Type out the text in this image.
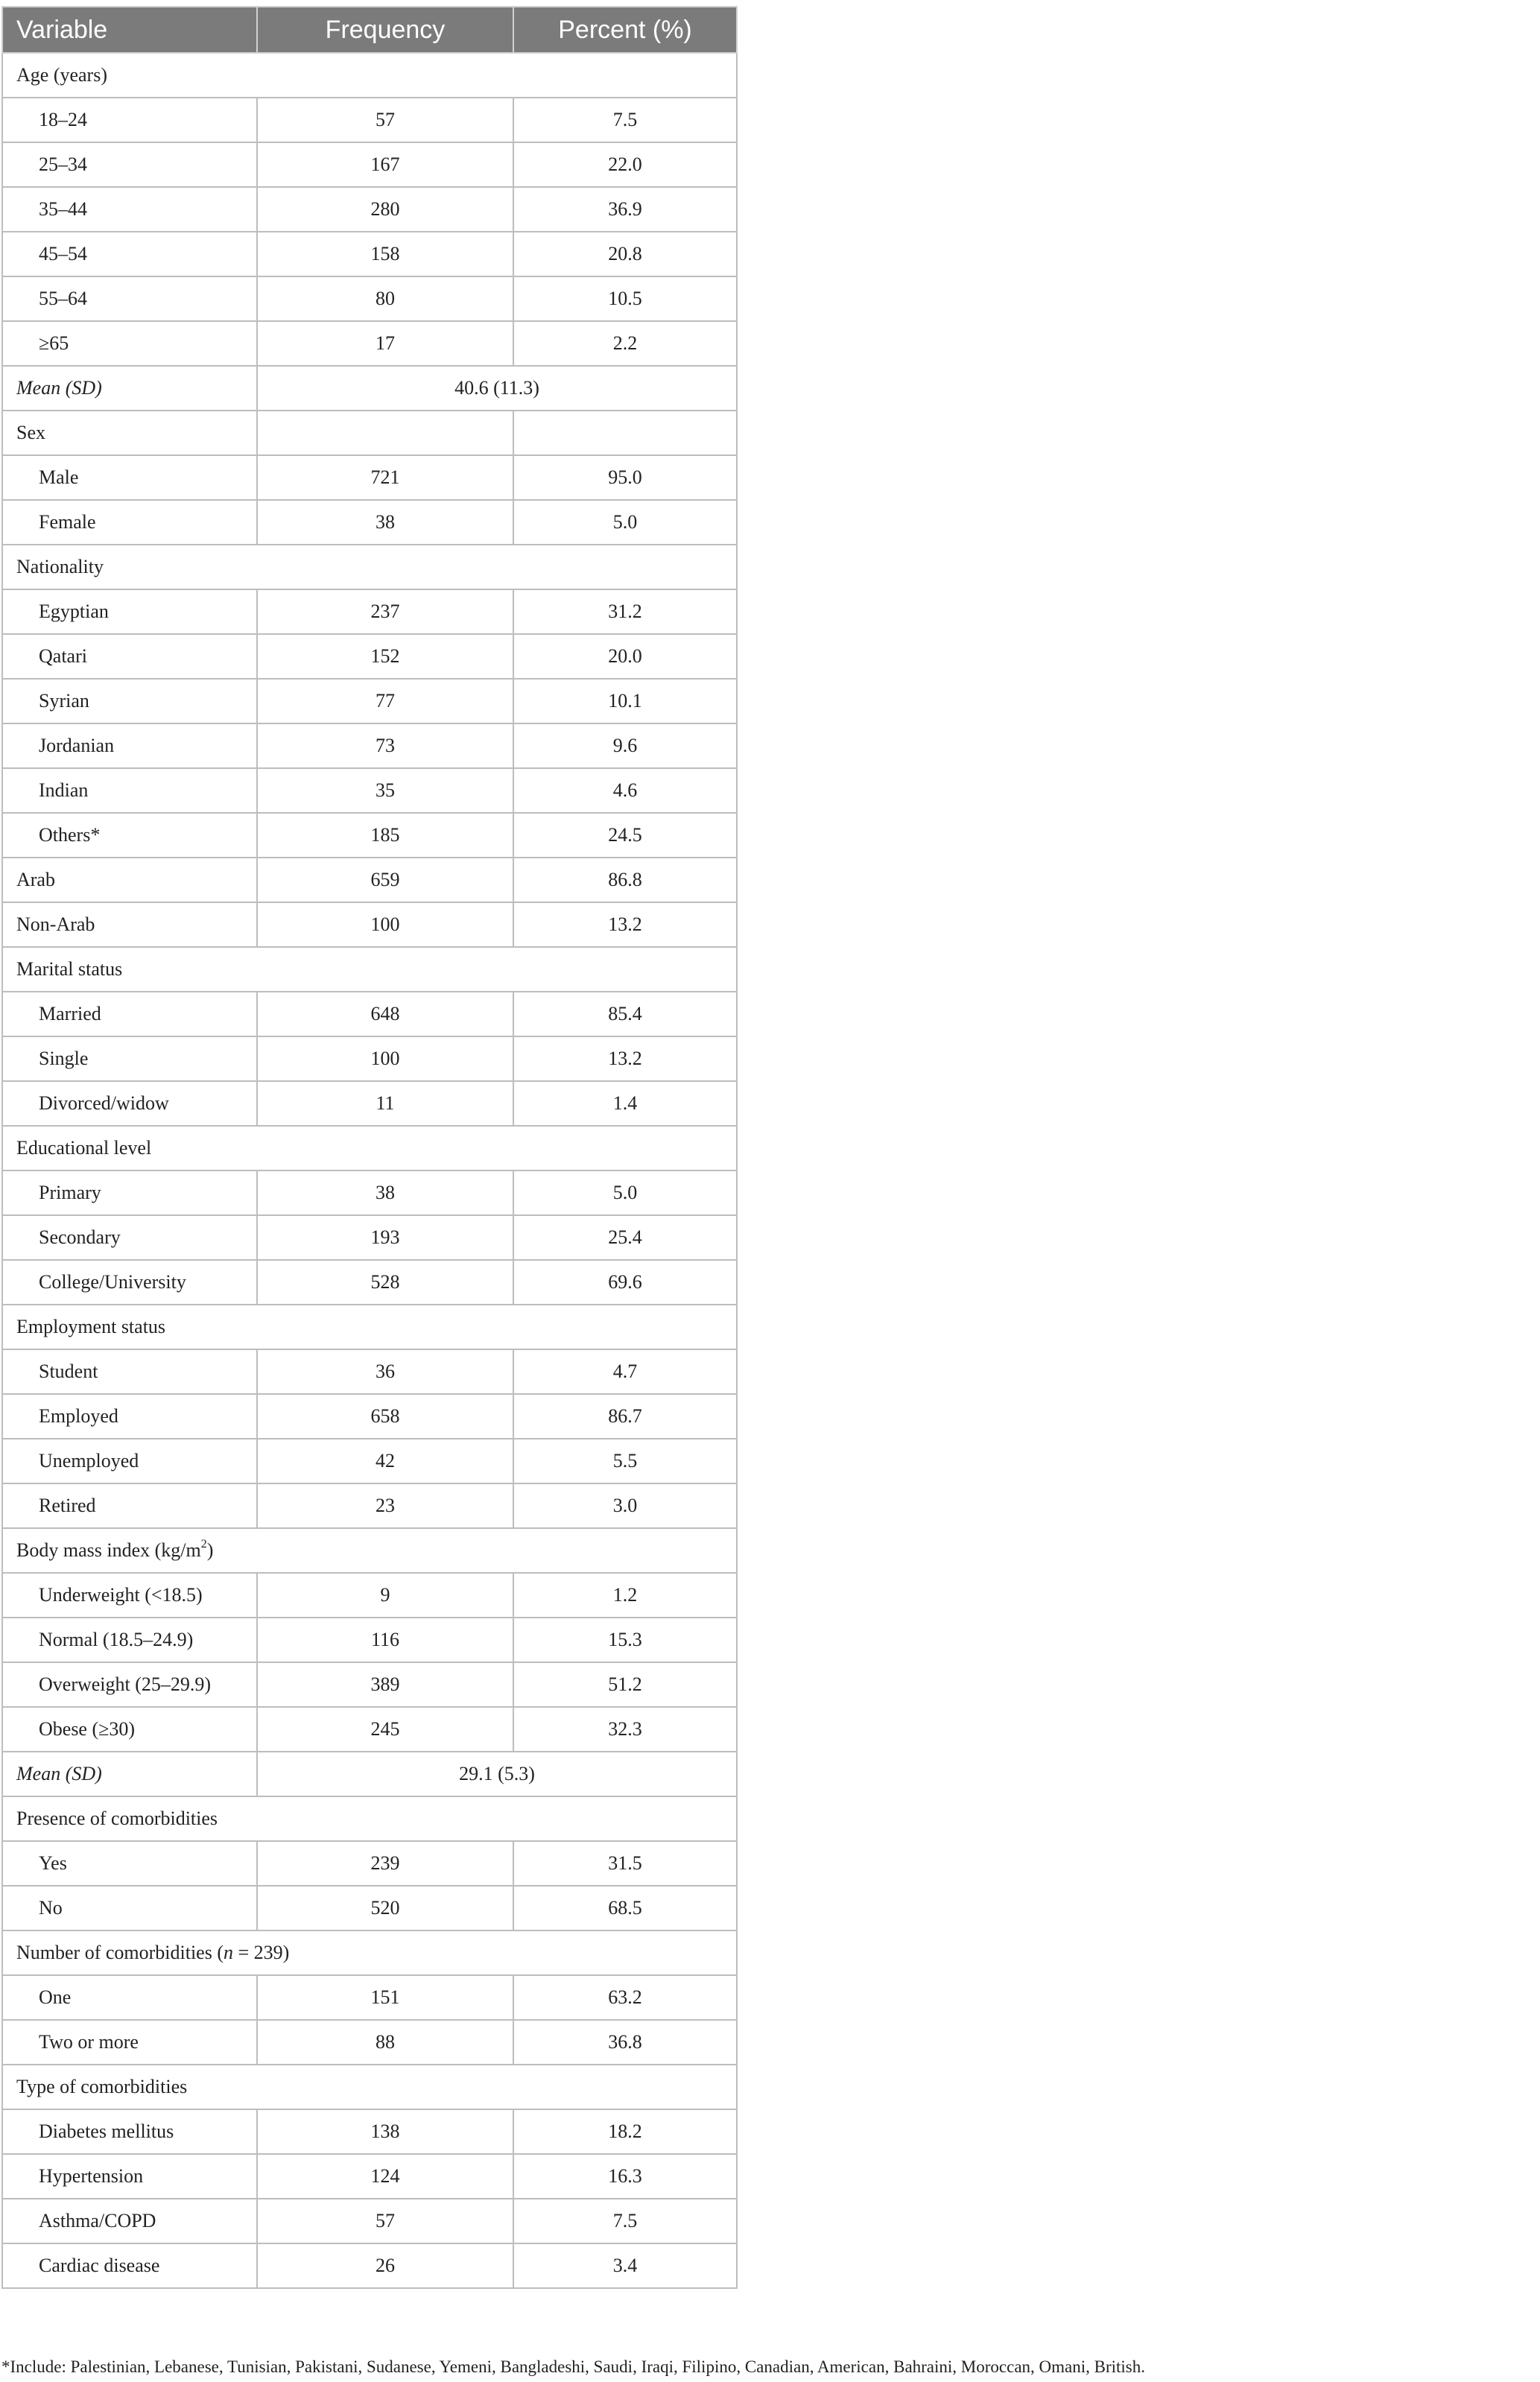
Variable	Frequency	Percent (%)
Age (years)		
18–24	57	7.5
25–34	167	22.0
35–44	280	36.9
45–54	158	20.8
55–64	80	10.5
≥65	17	2.2
Mean (SD)	40.6 (11.3)	
Sex		
Male	721	95.0
Female	38	5.0
Nationality		
Egyptian	237	31.2
Qatari	152	20.0
Syrian	77	10.1
Jordanian	73	9.6
Indian	35	4.6
Others*	185	24.5
Arab	659	86.8
Non-Arab	100	13.2
Marital status		
Married	648	85.4
Single	100	13.2
Divorced/widow	11	1.4
Educational level		
Primary	38	5.0
Secondary	193	25.4
College/University	528	69.6
Employment status		
Student	36	4.7
Employed	658	86.7
Unemployed	42	5.5
Retired	23	3.0
Body mass index $(kg/m^2)$		
Underweight (<18.5)	9	1.2
Normal (18.5–24.9)	116	15.3
Overweight (25–29.9)	389	51.2
Obese (≥30)	245	32.3
Mean (SD)	29.1 (5.3)	
Presence of comorbidities		
Yes	239	31.5
No	520	68.5
Number of comorbidities (n = 239)		
One	151	63.2
Two or more	88	36.8
Type of comorbidities		
Diabetes mellitus	138	18.2
Hypertension	124	16.3
Asthma/COPD	57	7.5
Cardiac disease	26	3.4
*Include: Palestinian, Lebanese, Tunisian, Pakistani, Sudanese, Yemeni, Bangladeshi, Saudi, Iraqi, Filipino, Canadian, American, Bahraini, Moroccan, Omani, British.
